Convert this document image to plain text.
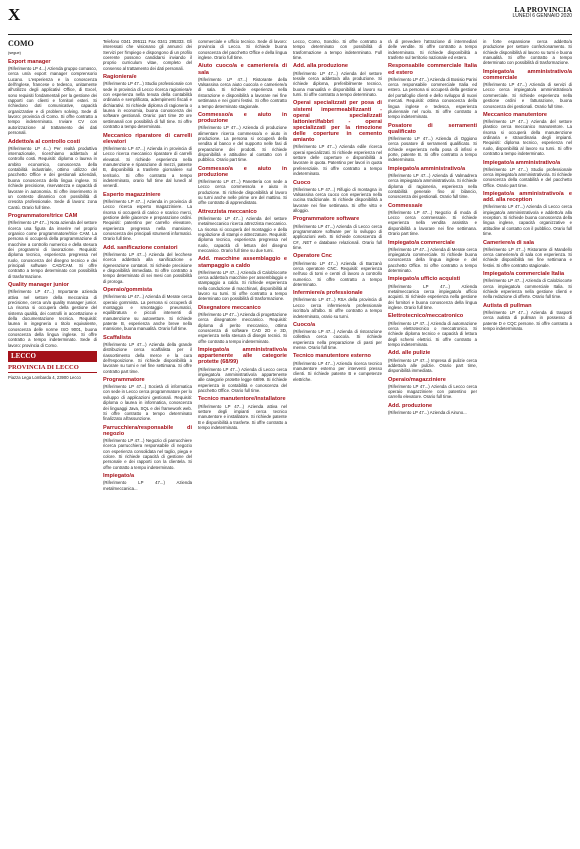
X	LA PROVINCIA
LUNEDÌ 6 GENNAIO 2020
COMO
(segue)
Export manager
(Riferimento LP 4...) Azienda gruppo comasco, cerca un/a export manager comprensorio Lucano. L'esperienza e la conoscenza dell'inglese, francese o tedesco, unitamente all'utilizzo degli applicativi Office, di Excel, sono requisiti fondamentali per la gestione dei rapporti con clienti e fornitori esteri. Si richiedono doti comunicative, capacità organizzative e di problem solving. Sede di lavoro: provincia di Como. Si offre contratto a tempo indeterminato. Inviare CV con autorizzazione al trattamento dei dati personali.
Addetto/a al controllo costi
(Riferimento LP 4...) Per realtà produttiva internazionale, ricerchiamo addetto/a al controllo costi. Requisiti: diploma o laurea in ambito economico, conoscenza della contabilità industriale, ottimo utilizzo del pacchetto Office e dei gestionali aziendali, buona conoscenza della lingua inglese. Si richiede precisione, riservatezza e capacità di lavorare in autonomia. Si offre inserimento in un contesto dinamico con possibilità di crescita professionale. Sede di lavoro: zona Cantù. Orario full time.
Programmatore/trice CAM
(Riferimento LP 47...) Nota azienda del settore ricerca una figura da inserire nel proprio organico come programmatore/trice CAM. La persona si occuperà della programmazione di macchine a controllo numerico e della stesura dei programmi di lavorazione. Requisiti: diploma tecnico, esperienza pregressa nel ruolo, conoscenza del disegno tecnico e dei principali software CAD/CAM. Si offre contratto a tempo determinato con possibilità di trasformazione.
Quality manager junior
(Riferimento LP 47...) Importante azienda attiva nel settore della meccanica di precisione, cerca un/a quality manager junior. La risorsa si occuperà della gestione del sistema qualità, dei controlli in accettazione e della documentazione tecnica. Requisiti: laurea in ingegneria o titolo equivalente, conoscenza delle norme ISO 9001, buona conoscenza della lingua inglese. Si offre contratto a tempo indeterminato. Sede di lavoro: provincia di Como.
LECCO
PROVINCIA DI LECCO
Piazza Lega Lombarda 4, 23900 Lecco
Telefono 0341 295111 Fax 0341 295333. Gli interessati che visionano gli annunci dei Servizi per l'impiego e dispongono di un profilo coerente possono candidarsi inviando il proprio curriculum vitae, completo del consenso al trattamento dei dati personali.
Ragioniera/e
(Riferimento LP 47...) Studio professionale con sede in provincia di Lecco ricerca ragioniera/e con esperienza nella tenuta della contabilità ordinaria e semplificata, adempimenti fiscali e dichiarativi. Si richiede diploma di ragioneria o laurea in economia, buona conoscenza dei software gestionali. Orario: part time 20 ore settimanali con possibilità di full time. Si offre contratto a tempo determinato.
Meccanico riparatore di carrelli elevatori
(Riferimento LP 47...) Azienda in provincia di Lecco ricerca meccanico riparatore di carrelli elevatori. Si richiede esperienza nella manutenzione e riparazione di mezzi, patente B, disponibilità a trasferte giornaliere sul territorio. Si offre contratto a tempo indeterminato, orario full time dal lunedì al venerdì.
Esperto magazziniere
(Riferimento LP 47...) Azienda in provincia di Lecco ricerca esperto magazziniere. La risorsa si occuperà di carico e scarico merci, gestione delle giacenze e preparazione ordini. Requisiti: patentino per carrello elevatore, esperienza pregressa nella mansione, conoscenza dei principali strumenti informatici. Orario full time.
Add. sanificazione contatori
(Riferimento LP 47...) Azienda del lecchese ricerca addetto/a alla sanificazione e rigenerazione contatori. Si richiede precisione e disponibilità immediata. Si offre contratto a tempo determinato di sei mesi con possibilità di proroga.
Operaio/gommista
(Riferimento LP 47...) Azienda di Merate cerca operaio gommista. La persona si occuperà di montaggio e smontaggio pneumatici, equilibratura e piccoli interventi di manutenzione su autovetture. Si richiede patente B, esperienza anche breve nella mansione, buona manualità. Orario full time.
Scaffalista
(Riferimento LP 47...) Azienda della grande distribuzione cerca scaffalista per il riassortimento della merce e la cura dell'esposizione. Si richiede disponibilità a lavorare su turni e nel fine settimana. Si offre contratto part time.
Programmatore
(Riferimento LP 47...) Società di informatica con sede in Lecco cerca programmatore per lo sviluppo di applicazioni gestionali. Requisiti: diploma o laurea in informatica, conoscenza dei linguaggi Java, SQL e dei framework web. Si offre contratto a tempo determinato finalizzato all'assunzione.
Parrucchiera/responsabile di negozio
(Riferimento LP 47...) Negozio di parrucchiere ricerca parrucchiera responsabile di negozio con esperienza consolidata nel taglio, piega e colore. Si richiede capacità di gestione del personale e dei rapporti con la clientela. Si offre contratto a tempo indeterminato.
Impiegato/a
(Riferimento LP 47...) Azienda metalmeccanica...
commerciale e ufficio tecnico. Sede di lavoro: provincia di Lecco. Si richiede buona conoscenza del pacchetto Office e della lingua inglese. Orario full time.
Aiuto cuoco/a e cameriere/a di sala
(Riferimento LP 47...) Ristorante della Valsassina cerca aiuto cuoco/a e cameriere/a di sala. Si richiede esperienza nella ristorazione e disponibilità a lavorare nei fine settimana e nei giorni festivi. Si offre contratto a tempo determinato stagionale.
Commesso/a e aiuto in produzione
(Riferimento LP 47...) Azienda di produzione alimentare ricerca commesso/a e aiuto in produzione. La persona si occuperà della vendita al banco e del supporto nelle fasi di preparazione dei prodotti. Si richiede disponibilità e attitudine al contatto con il pubblico. Orario part time.
Commesso/a e aiuto in produzione
(Riferimento LP 47...) Panetteria con sede a Lecco cerca commesso/a e aiuto in produzione. Si richiede disponibilità al lavoro su turni anche nelle prime ore del mattino. Si offre contratto di apprendistato.
Attrezzista meccanico
(Riferimento LP 47...) Azienda del settore metalmeccanico ricerca attrezzista meccanico. La risorsa si occuperà del montaggio e della regolazione di stampi e attrezzature. Requisiti: diploma tecnico, esperienza pregressa nel ruolo, capacità di lettura del disegno meccanico. Orario full time su due turni.
Add. macchine assemblaggio e stampaggio a caldo
(Riferimento LP 47...) Azienda di Calolziocorte cerca addetto/a macchine per assemblaggio e stampaggio a caldo. Si richiede esperienza nella conduzione di macchinari, disponibilità al lavoro su turni. Si offre contratto a tempo determinato con possibilità di trasformazione.
Disegnatore meccanico
(Riferimento LP 47...) Azienda di progettazione cerca disegnatore meccanico. Requisiti: diploma di perito meccanico, ottima conoscenza di software CAD 2D e 3D, esperienza nella stesura di disegni tecnici. Si offre contratto a tempo indeterminato.
Impiegato/a amministrativo/a appartenente alle categorie protette (68/99)
(Riferimento LP 47...) Azienda di Lecco cerca impiegato/a amministrativo/a appartenente alle categorie protette legge 68/99. Si richiede esperienza in contabilità e conoscenza del pacchetto Office. Orario full time.
Tecnico manutentore/installatore
(Riferimento LP 47...) Azienda attiva nel settore degli impianti cerca tecnico manutentore e installatore. Si richiede patente B e disponibilità a trasferte. Si offre contratto a tempo indeterminato.
Lecco, Como, Sondrio. Si offre contratto a tempo determinato con possibilità di trasformazione a tempo indeterminato. Full time.
Add. alla produzione
(Riferimento LP 47...) Azienda del settore tessile cerca addetto/a alla produzione. Si richiede diploma, preferibilmente tecnico, buona manualità e disponibilità al lavoro su turni. Si offre contratto a tempo determinato.
Operai specializzati per posa di sistemi impermeabilizzanti - operai specializzati lattonieri/fabbri - operai specializzati per la rimozione delle coperture in cemento amianto
(Riferimento LP 47...) Azienda edile ricerca operai specializzati. Si richiede esperienza nel settore delle coperture e disponibilità a lavorare in quota. Patentino per lavori in quota preferenziale. Si offre contratto a tempo indeterminato.
Cuoco
(Riferimento LP 47...) Rifugio di montagna in Valsassina cerca cuoco con esperienza nella cucina tradizionale. Si richiede disponibilità a lavorare nei fine settimana. Si offre vitto e alloggio.
Programmatore software
(Riferimento LP 47...) Azienda di Lecco cerca programmatore software per lo sviluppo di applicazioni web. Si richiede conoscenza di C#, .NET e database relazionali. Orario full time.
Operatore Cnc
(Riferimento LP 47...) Azienda di Barzanò cerca operatore CNC. Requisiti: esperienza nell'uso di torni e centri di lavoro a controllo numerico. Si offre contratto a tempo determinato.
Infermiere/a professionale
(Riferimento LP 47...) RSA della provincia di Lecco cerca infermiere/a professionale iscritto/a all'albo. Si offre contratto a tempo indeterminato, orario su turni.
Cuoco/a
(Riferimento LP 47...) Azienda di ristorazione collettiva cerca cuoco/a. Si richiede esperienza nella preparazione di pasti per mense. Orario full time.
Tecnico manutentore esterno
(Riferimento LP 47...) Azienda ricerca tecnico manutentore esterno per interventi presso clienti. Si richiede patente B e competenze elettriche.
rà di prevedere l'attrazione di intermediari delle vendite. Si offre contratto a tempo indeterminato. Si richiede disponibilità a trasferte sul territorio nazionale ed estero.
Responsabile commerciale Italia ed estero
(Riferimento LP 47...) Azienda di Bosisio Parini cerca responsabile commerciale Italia ed estero. La persona si occuperà della gestione del portafoglio clienti e dello sviluppo di nuovi mercati. Requisiti: ottima conoscenza della lingua inglese e tedesca, esperienza pluriennale nel ruolo. Si offre contratto a tempo indeterminato.
Posatore di serramenti qualificato
(Riferimento LP 47...) Azienda di Oggiono cerca posatore di serramenti qualificato. Si richiede esperienza nella posa di infissi e porte, patente B. Si offre contratto a tempo indeterminato.
Impiegato/a amministrativo/a
(Riferimento LP 47...) Azienda di Valmadrera cerca impiegato/a amministrativo/a. Si richiede diploma di ragioneria, esperienza nella contabilità generale fino al bilancio, conoscenza dei gestionali. Orario full time.
Commessa/e
(Riferimento LP 47...) Negozio di moda di Lecco cerca commessa/e. Si richiede esperienza nella vendita assistita e disponibilità a lavorare nei fine settimana. Orario part time.
Impiegato/a commerciale
(Riferimento LP 47...) Azienda di Merate cerca impiegato/a commerciale. Si richiede buona conoscenza della lingua inglese e del pacchetto Office. Si offre contratto a tempo determinato.
Impiegato/a ufficio acquisti
(Riferimento LP 47...) Azienda metalmeccanica cerca impiegato/a ufficio acquisti. Si richiede esperienza nella gestione dei fornitori e buona conoscenza della lingua inglese. Orario full time.
Elettrotecnico/meccatronico
(Riferimento LP 47...) Azienda di automazione cerca elettrotecnico o meccatronico. Si richiede diploma tecnico e capacità di lettura degli schemi elettrici. Si offre contratto a tempo indeterminato.
Add. alle pulizie
(Riferimento LP 47...) Impresa di pulizie cerca addetto/a alle pulizie. Orario part time, disponibilità immediata.
Operaio/magazziniere
(Riferimento LP 47...) Azienda di Lecco cerca operaio magazziniere con patentino per carrello elevatore. Orario full time.
Add. produzione
(Riferimento LP 47...) Azienda di Airuno...
in forte espansione cerca addetto/a produzione per settore confezionamento. Si richiede disponibilità al lavoro su turni e buona manualità. Si offre contratto a tempo determinato con possibilità di trasformazione.
Impiegato/a amministrativo/a commerciale
(Riferimento LP 47...) Azienda di servizi di Lecco cerca impiegato/a amministrativo/a commerciale. Si richiede esperienza nella gestione ordini e fatturazione, buona conoscenza dei gestionali. Orario full time.
Meccanico manutentore
(Riferimento LP 47...) Azienda del settore plastico cerca meccanico manutentore. La risorsa si occuperà della manutenzione ordinaria e straordinaria degli impianti. Requisiti: diploma tecnico, esperienza nel ruolo, disponibilità al lavoro su turni. Si offre contratto a tempo indeterminato.
Impiegato/a amministrativo/a
(Riferimento LP 47...) Studio professionale cerca impiegato/a amministrativo/a. Si richiede conoscenza della contabilità e del pacchetto Office. Orario part time.
Impiegato/a amministrativo/a e add. alla reception
(Riferimento LP 47...) Azienda di Lecco cerca impiegato/a amministrativo/a e addetto/a alla reception. Si richiede buona conoscenza della lingua inglese, capacità organizzative e attitudine al contatto con il pubblico. Orario full time.
Cameriere/a di sala
(Riferimento LP 47...) Ristorante di Mandello cerca cameriere/a di sala con esperienza. Si richiede disponibilità nei fine settimana e festivi. Si offre contratto stagionale.
Impiegato/a commerciale Italia
(Riferimento LP 47...) Azienda di Calolziocorte cerca impiegato/a commerciale Italia. Si richiede esperienza nella gestione clienti e nella redazione di offerte. Orario full time.
Autista di pullman
(Riferimento LP 47...) Azienda di trasporti cerca autista di pullman in possesso di patente D e CQC persone. Si offre contratto a tempo indeterminato.
